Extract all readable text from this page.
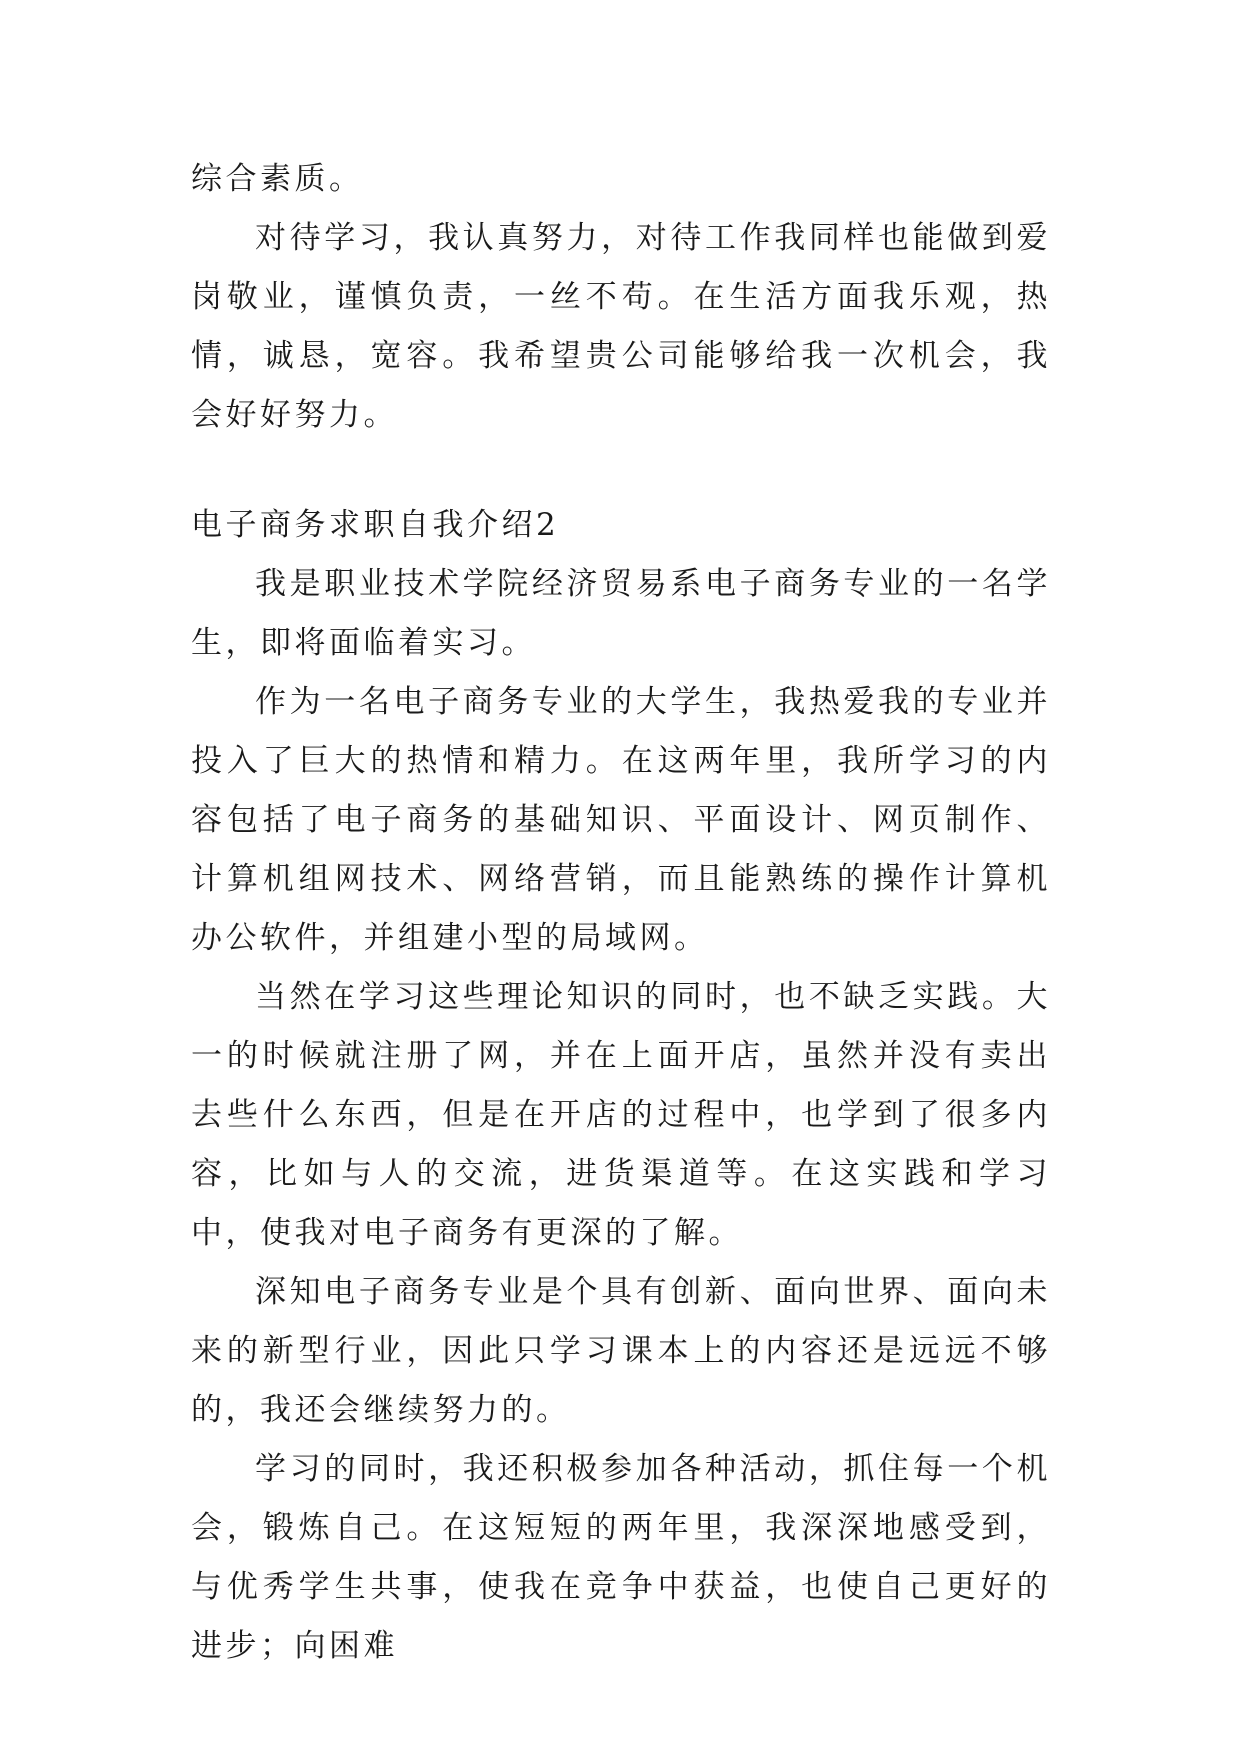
综合素质。

对待学习，我认真努力，对待工作我同样也能做到爱岗敬业，谨慎负责，一丝不苟。在生活方面我乐观，热情，诚恳，宽容。我希望贵公司能够给我一次机会，我会好好努力。

电子商务求职自我介绍2

我是职业技术学院经济贸易系电子商务专业的一名学生，即将面临着实习。

作为一名电子商务专业的大学生，我热爱我的专业并投入了巨大的热情和精力。在这两年里，我所学习的内容包括了电子商务的基础知识、平面设计、网页制作、计算机组网技术、网络营销，而且能熟练的操作计算机办公软件，并组建小型的局域网。

当然在学习这些理论知识的同时，也不缺乏实践。大一的时候就注册了网，并在上面开店，虽然并没有卖出去些什么东西，但是在开店的过程中，也学到了很多内容，比如与人的交流，进货渠道等。在这实践和学习中，使我对电子商务有更深的了解。

深知电子商务专业是个具有创新、面向世界、面向未来的新型行业，因此只学习课本上的内容还是远远不够的，我还会继续努力的。

学习的同时，我还积极参加各种活动，抓住每一个机会，锻炼自己。在这短短的两年里，我深深地感受到，与优秀学生共事，使我在竞争中获益，也使自己更好的进步；向困难
